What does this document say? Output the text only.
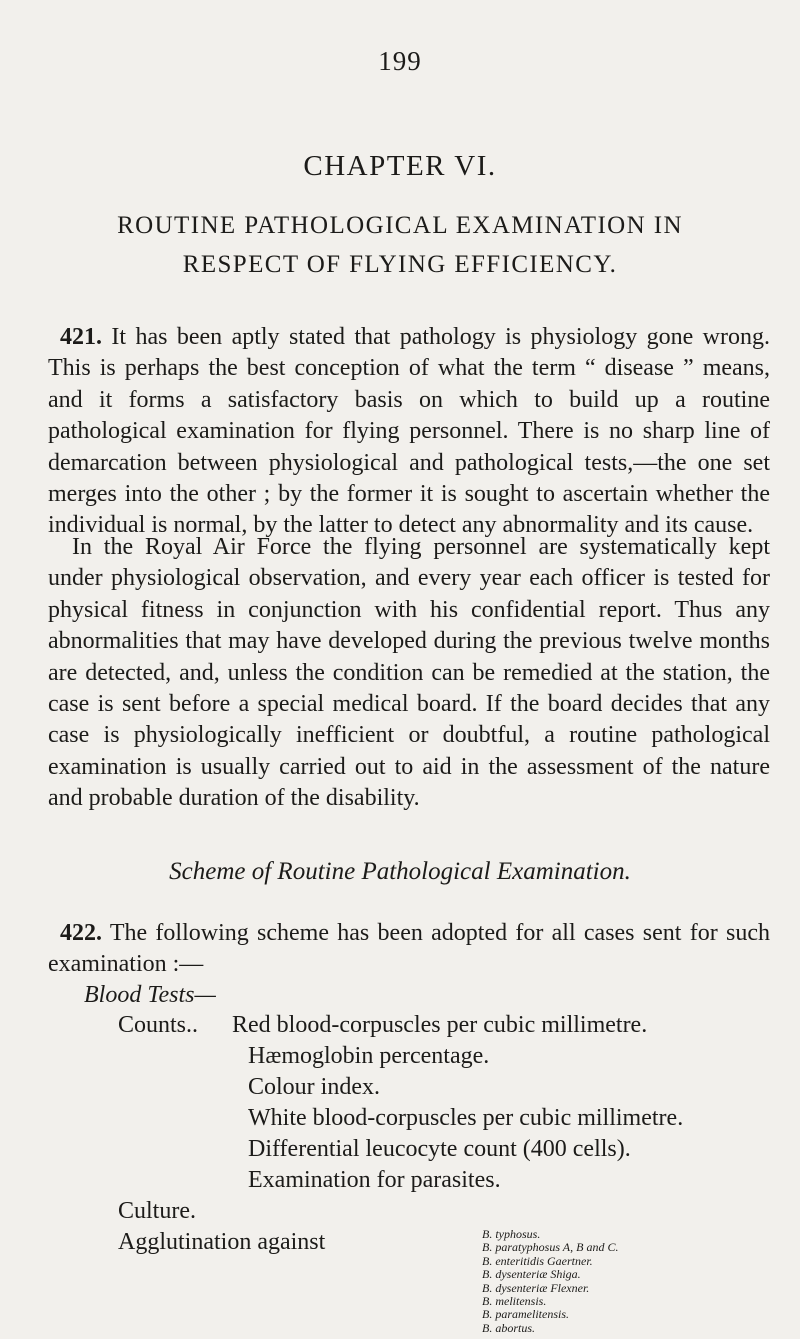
199
CHAPTER VI.
ROUTINE PATHOLOGICAL EXAMINATION IN
RESPECT OF FLYING EFFICIENCY.
421. It has been aptly stated that pathology is physiology gone wrong. This is perhaps the best conception of what the term “ disease ” means, and it forms a satisfactory basis on which to build up a routine pathological examination for flying personnel. There is no sharp line of demarcation between physiological and pathological tests,—the one set merges into the other ; by the former it is sought to ascertain whether the individual is normal, by the latter to detect any abnormality and its cause.
In the Royal Air Force the flying personnel are systematically kept under physiological observation, and every year each officer is tested for physical fitness in conjunction with his confidential report. Thus any abnormalities that may have developed during the previous twelve months are detected, and, unless the condition can be remedied at the station, the case is sent before a special medical board. If the board decides that any case is physiologically inefficient or doubtful, a routine pathological examination is usually carried out to aid in the assessment of the nature and probable duration of the disability.
Scheme of Routine Pathological Examination.
422. The following scheme has been adopted for all cases sent for such examination :—
Blood Tests—
Counts.. Red blood-corpuscles per cubic millimetre.
Hæmoglobin percentage.
Colour index.
White blood-corpuscles per cubic millimetre.
Differential leucocyte count (400 cells).
Examination for parasites.
Culture.
Agglutination against	B. typhosus.
B. paratyphosus A, B and C.
B. enteritidis Gaertner.
B. dysenteriæ Shiga.
B. dysenteriæ Flexner.
B. melitensis.
B. paramelitensis.
B. abortus.
